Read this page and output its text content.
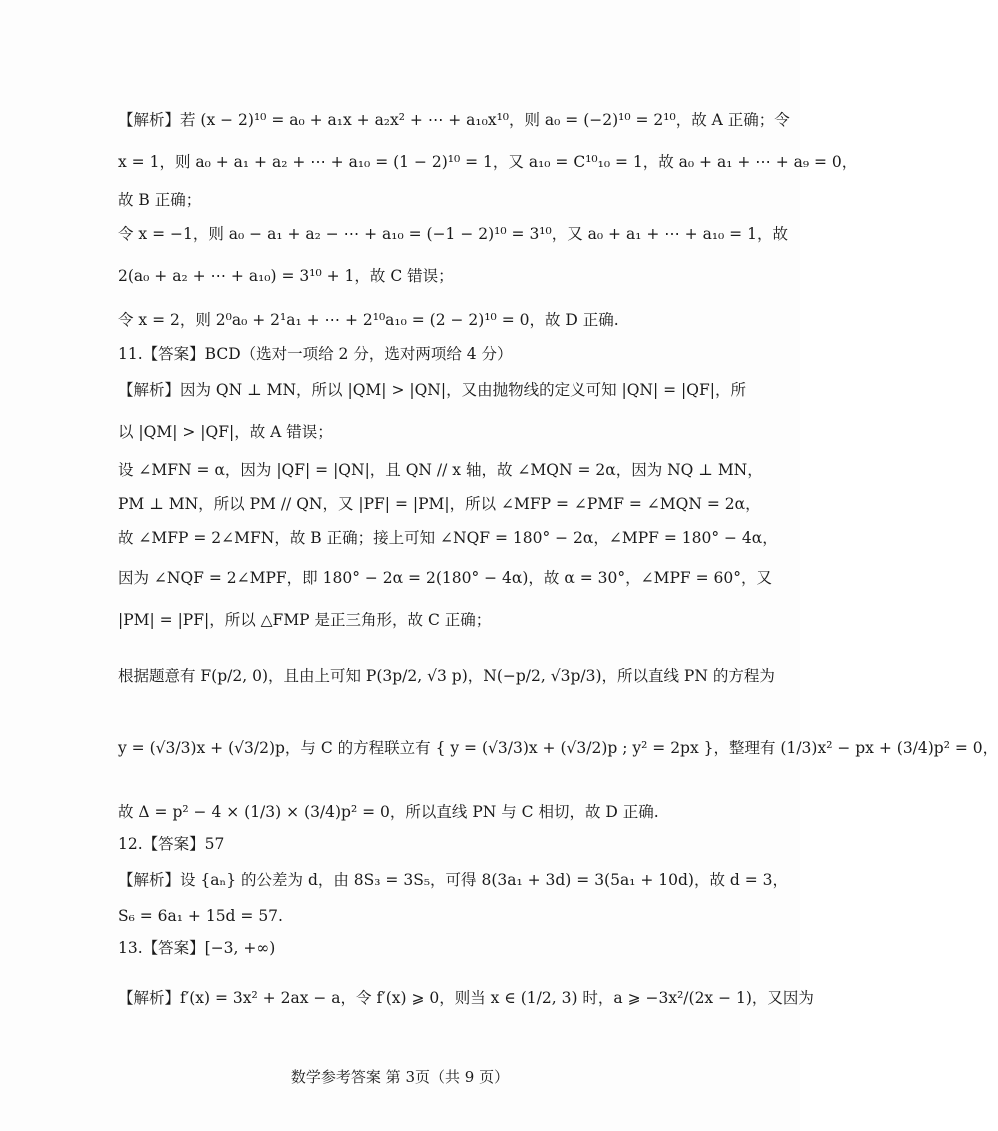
【解析】若 (x − 2)¹⁰ = a₀ + a₁x + a₂x² + ⋯ + a₁₀x¹⁰，则 a₀ = (−2)¹⁰ = 2¹⁰，故 A 正确；令
x = 1，则 a₀ + a₁ + a₂ + ⋯ + a₁₀ = (1 − 2)¹⁰ = 1，又 a₁₀ = C¹⁰₁₀ = 1，故 a₀ + a₁ + ⋯ + a₉ = 0，
故 B 正确；
令 x = −1，则 a₀ − a₁ + a₂ − ⋯ + a₁₀ = (−1 − 2)¹⁰ = 3¹⁰，又 a₀ + a₁ + ⋯ + a₁₀ = 1，故
2(a₀ + a₂ + ⋯ + a₁₀) = 3¹⁰ + 1，故 C 错误；
令 x = 2，则 2⁰a₀ + 2¹a₁ + ⋯ + 2¹⁰a₁₀ = (2 − 2)¹⁰ = 0，故 D 正确.
11.【答案】BCD（选对一项给 2 分，选对两项给 4 分）
【解析】因为 QN ⊥ MN，所以 |QM| > |QN|，又由抛物线的定义可知 |QN| = |QF|，所
以 |QM| > |QF|，故 A 错误；
设 ∠MFN = α，因为 |QF| = |QN|，且 QN // x 轴，故 ∠MQN = 2α，因为 NQ ⊥ MN，
PM ⊥ MN，所以 PM // QN，又 |PF| = |PM|，所以 ∠MFP = ∠PMF = ∠MQN = 2α，
故 ∠MFP = 2∠MFN，故 B 正确；接上可知 ∠NQF = 180° − 2α，∠MPF = 180° − 4α，
因为 ∠NQF = 2∠MPF，即 180° − 2α = 2(180° − 4α)，故 α = 30°，∠MPF = 60°，又
|PM| = |PF|，所以 △FMP 是正三角形，故 C 正确；
根据题意有 F(p/2, 0)，且由上可知 P(3p/2, √3 p)，N(−p/2, √3p/3)，所以直线 PN 的方程为
y = (√3/3)x + (√3/2)p，与 C 的方程联立有 { y = (√3/3)x + (√3/2)p ; y² = 2px }，整理有 (1/3)x² − px + (3/4)p² = 0，
故 Δ = p² − 4 × (1/3) × (3/4)p² = 0，所以直线 PN 与 C 相切，故 D 正确.
12.【答案】57
【解析】设 {aₙ} 的公差为 d，由 8S₃ = 3S₅，可得 8(3a₁ + 3d) = 3(5a₁ + 10d)，故 d = 3，
S₆ = 6a₁ + 15d = 57.
13.【答案】[−3, +∞)
【解析】f′(x) = 3x² + 2ax − a，令 f′(x) ⩾ 0，则当 x ∈ (1/2, 3) 时，a ⩾ −3x²/(2x − 1)，又因为
数学参考答案 第 3页（共 9 页）
